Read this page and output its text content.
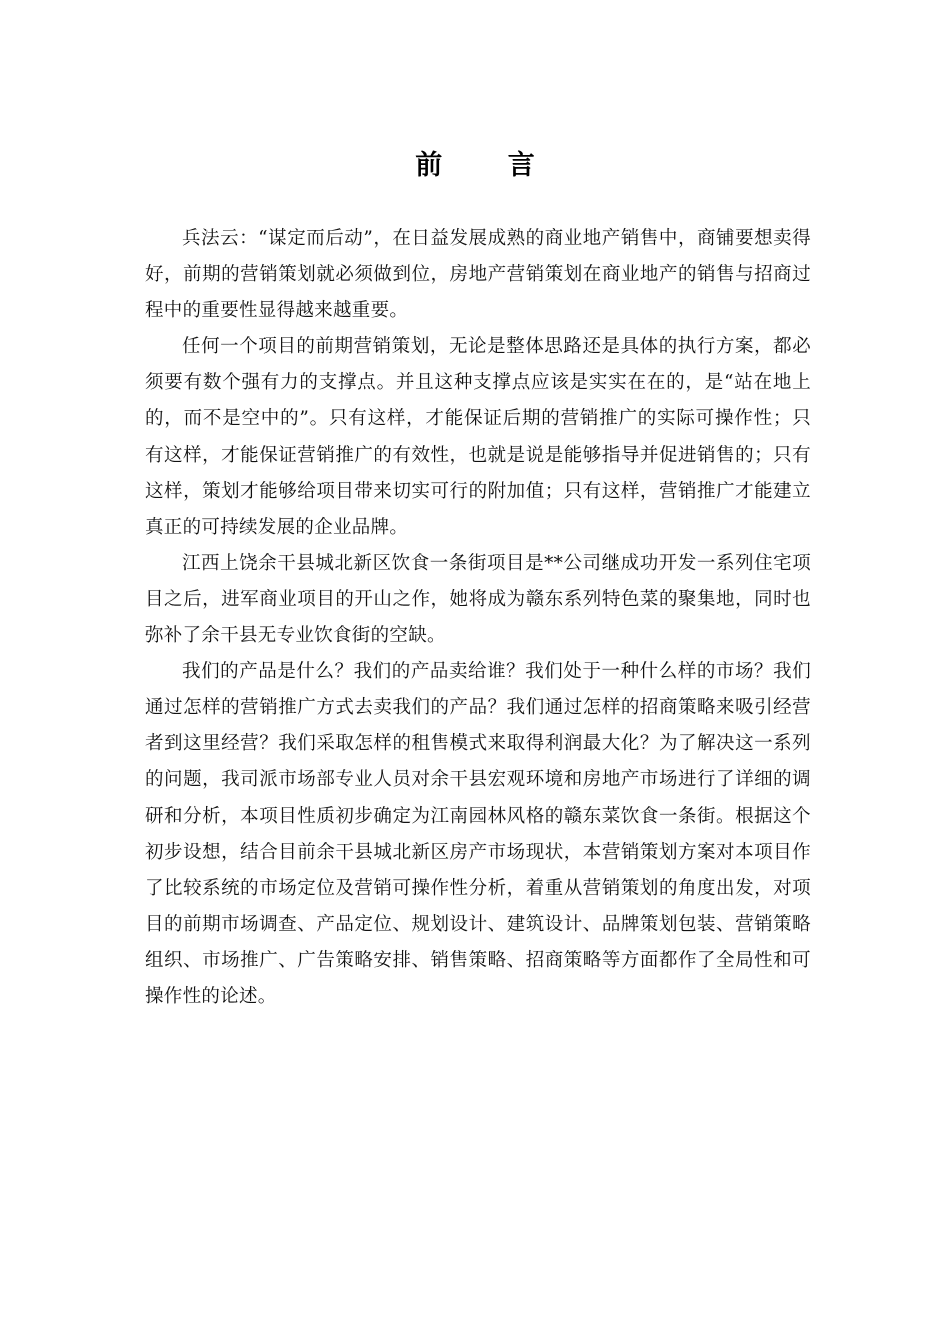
前 言

兵法云：“谋定而后动”，在日益发展成熟的商业地产销售中，商铺要想卖得好，前期的营销策划就必须做到位，房地产营销策划在商业地产的销售与招商过程中的重要性显得越来越重要。

任何一个项目的前期营销策划，无论是整体思路还是具体的执行方案，都必须要有数个强有力的支撑点。并且这种支撑点应该是实实在在的，是“站在地上的，而不是空中的”。只有这样，才能保证后期的营销推广的实际可操作性；只有这样，才能保证营销推广的有效性，也就是说是能够指导并促进销售的；只有这样，策划才能够给项目带来切实可行的附加值；只有这样，营销推广才能建立真正的可持续发展的企业品牌。

江西上饶余干县城北新区饮食一条街项目是**公司继成功开发一系列住宅项目之后，进军商业项目的开山之作，她将成为赣东系列特色菜的聚集地，同时也弥补了余干县无专业饮食街的空缺。

我们的产品是什么？我们的产品卖给谁？我们处于一种什么样的市场？我们通过怎样的营销推广方式去卖我们的产品？我们通过怎样的招商策略来吸引经营者到这里经营？我们采取怎样的租售模式来取得利润最大化？为了解决这一系列的问题，我司派市场部专业人员对余干县宏观环境和房地产市场进行了详细的调研和分析，本项目性质初步确定为江南园林风格的赣东菜饮食一条街。根据这个初步设想，结合目前余干县城北新区房产市场现状，本营销策划方案对本项目作了比较系统的市场定位及营销可操作性分析，着重从营销策划的角度出发，对项目的前期市场调查、产品定位、规划设计、建筑设计、品牌策划包装、营销策略组织、市场推广、广告策略安排、销售策略、招商策略等方面都作了全局性和可操作性的论述。
